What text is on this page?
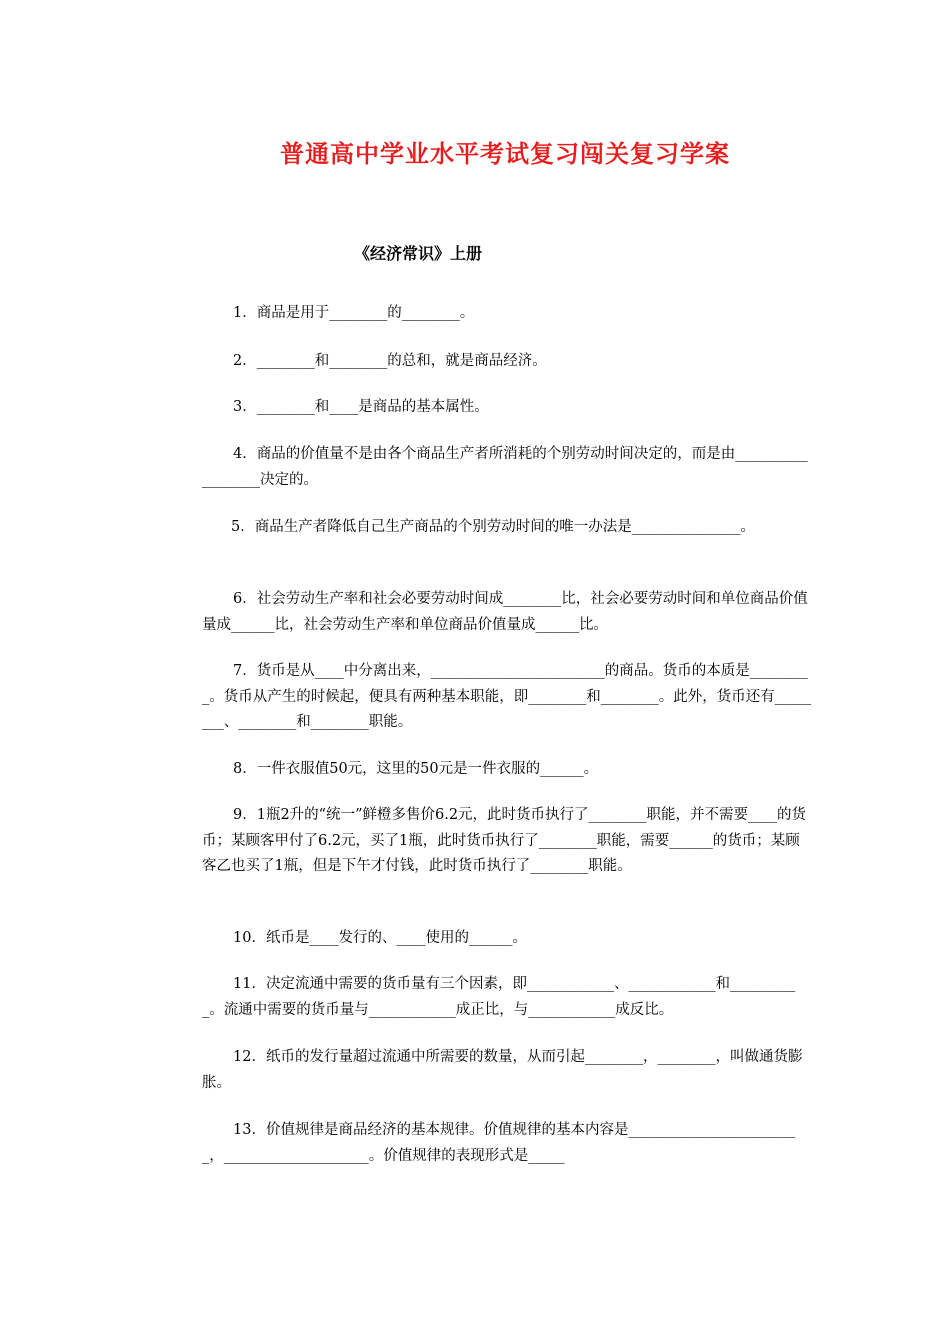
普通高中学业水平考试复习闯关复习学案
《经济常识》上册
1．商品是用于________的________。
2．________和________的总和，就是商品经济。
3．________和____是商品的基本属性。
4．商品的价值量不是由各个商品生产者所消耗的个别劳动时间决定的，而是由__________________决定的。
5．商品生产者降低自己生产商品的个别劳动时间的唯一办法是_______________。
6．社会劳动生产率和社会必要劳动时间成________比，社会必要劳动时间和单位商品价值量成______比，社会劳动生产率和单位商品价值量成______比。
7．货币是从____中分离出来，________________________的商品。货币的本质是_________。货币从产生的时候起，便具有两种基本职能，即________和________。此外，货币还有________、________和________职能。
8．一件衣服值50元，这里的50元是一件衣服的______。
9．1瓶2升的“统一”鲜橙多售价6.2元，此时货币执行了________职能，并不需要____的货币；某顾客甲付了6.2元，买了1瓶，此时货币执行了________职能，需要______的货币；某顾客乙也买了1瓶，但是下午才付钱，此时货币执行了________职能。
10．纸币是____发行的、____使用的______。
11．决定流通中需要的货币量有三个因素，即____________、____________和__________。流通中需要的货币量与____________成正比，与____________成反比。
12．纸币的发行量超过流通中所需要的数量，从而引起________，________，叫做通货膨胀。
13．价值规律是商品经济的基本规律。价值规律的基本内容是________________________，____________________。价值规律的表现形式是_____
